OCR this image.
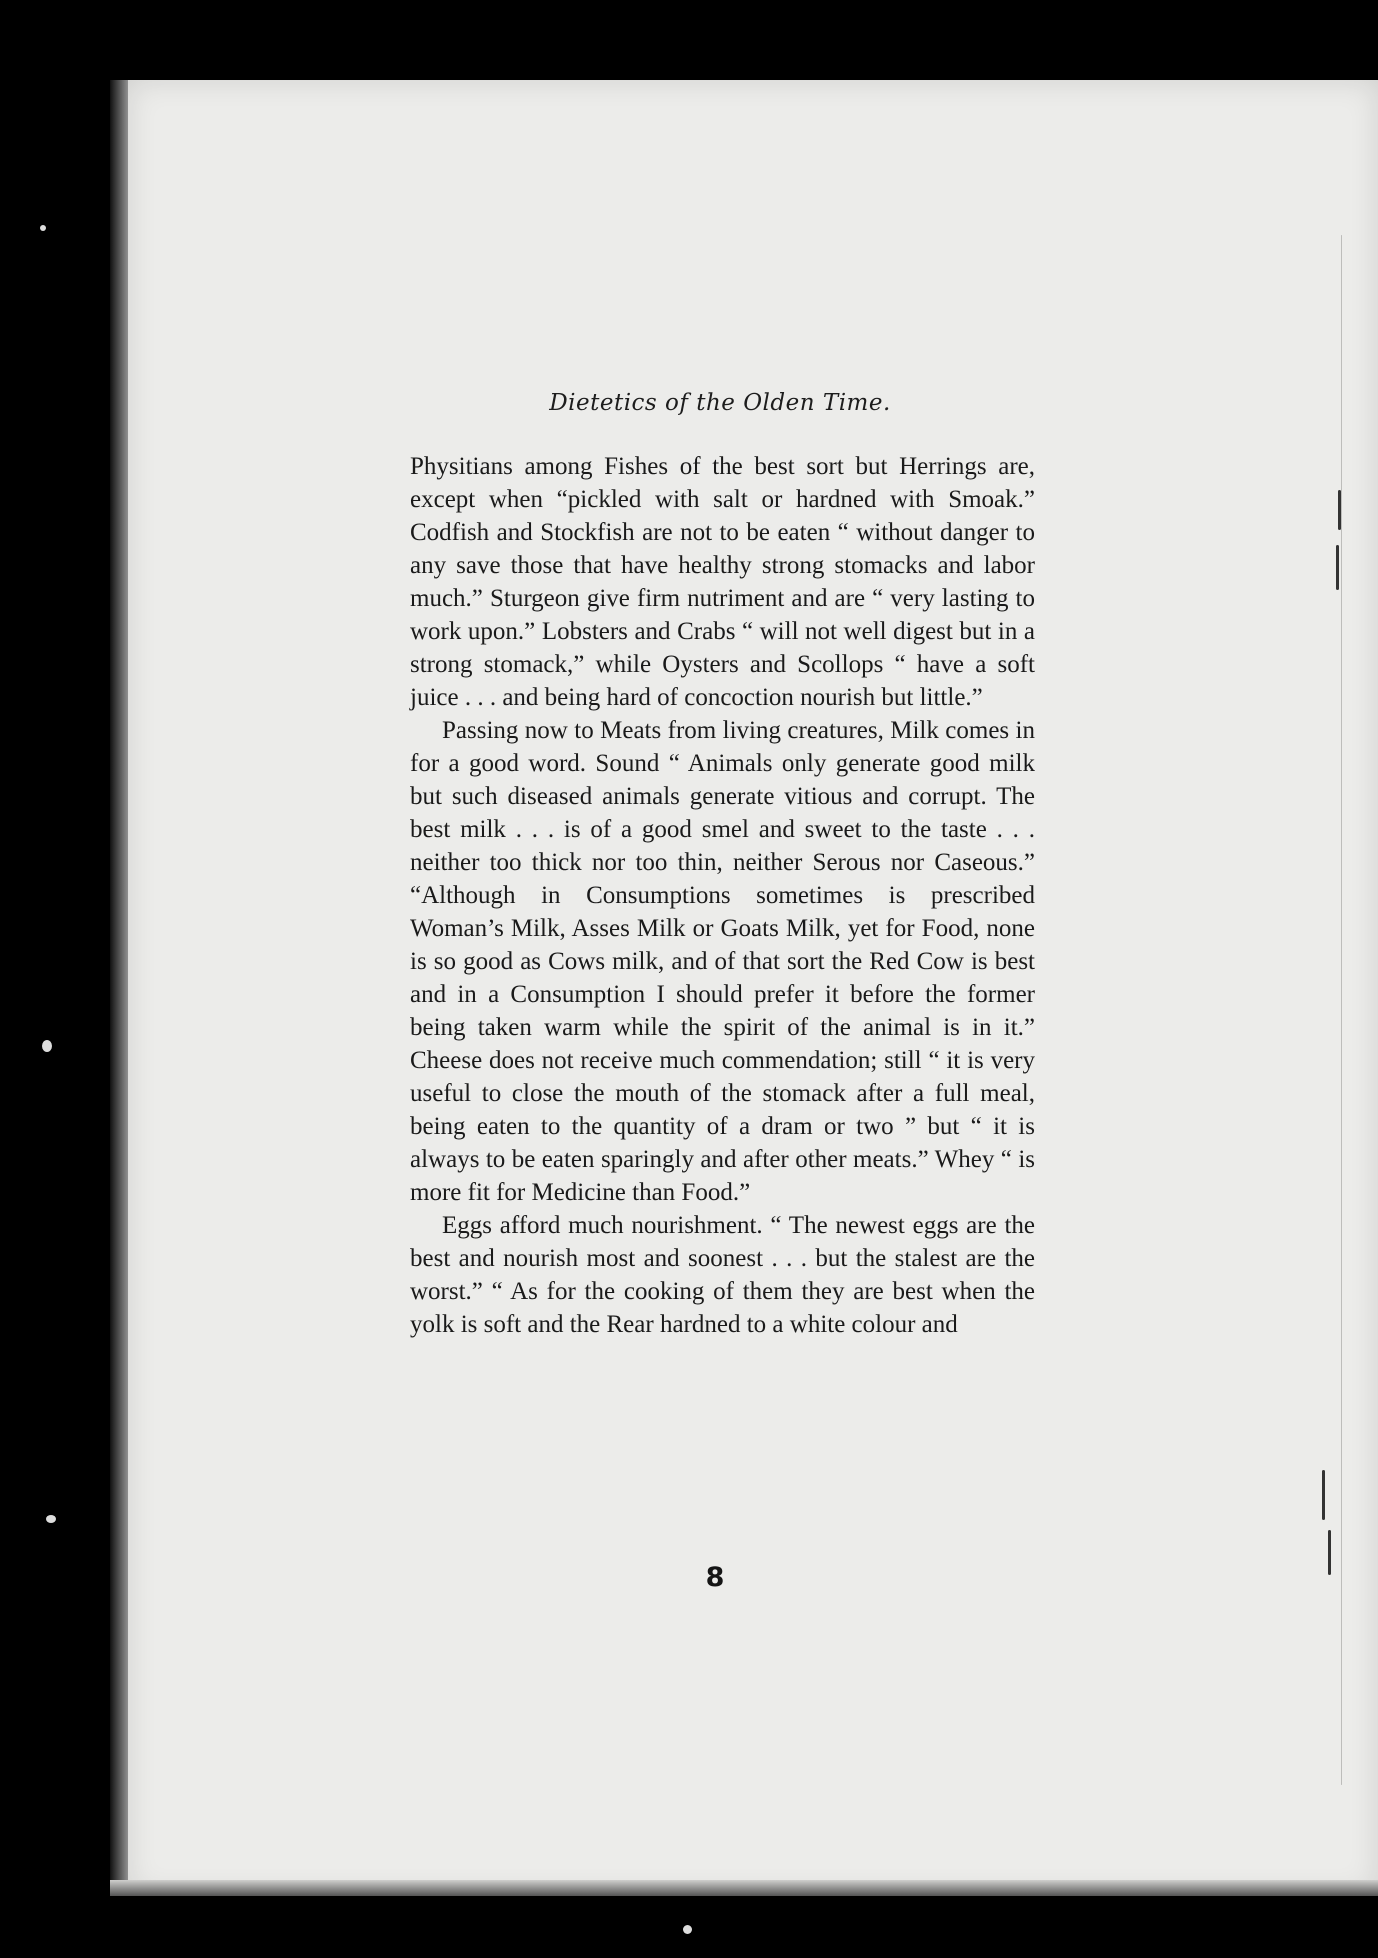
Dietetics of the Olden Time.

Physitians among Fishes of the best sort but Herrings are, except when “pickled with salt or hardned with Smoak.” Codfish and Stockfish are not to be eaten “ without danger to any save those that have healthy strong stomacks and labor much.” Sturgeon give firm nutriment and are “ very lasting to work upon.” Lobsters and Crabs “ will not well digest but in a strong stomack,” while Oysters and Scollops “ have a soft juice . . . and being hard of concoction nourish but little.”

Passing now to Meats from living creatures, Milk comes in for a good word. Sound “ Animals only generate good milk but such diseased animals generate vitious and corrupt. The best milk . . . is of a good smel and sweet to the taste . . . neither too thick nor too thin, neither Serous nor Caseous.” “Although in Consumptions sometimes is prescribed Woman’s Milk, Asses Milk or Goats Milk, yet for Food, none is so good as Cows milk, and of that sort the Red Cow is best and in a Consumption I should prefer it before the former being taken warm while the spirit of the animal is in it.” Cheese does not receive much commendation; still “ it is very useful to close the mouth of the stomack after a full meal, being eaten to the quantity of a dram or two ” but “ it is always to be eaten sparingly and after other meats.” Whey “ is more fit for Medicine than Food.”

Eggs afford much nourishment. “ The newest eggs are the best and nourish most and soonest . . . but the stalest are the worst.” “ As for the cooking of them they are best when the yolk is soft and the Rear hardned to a white colour and

8
